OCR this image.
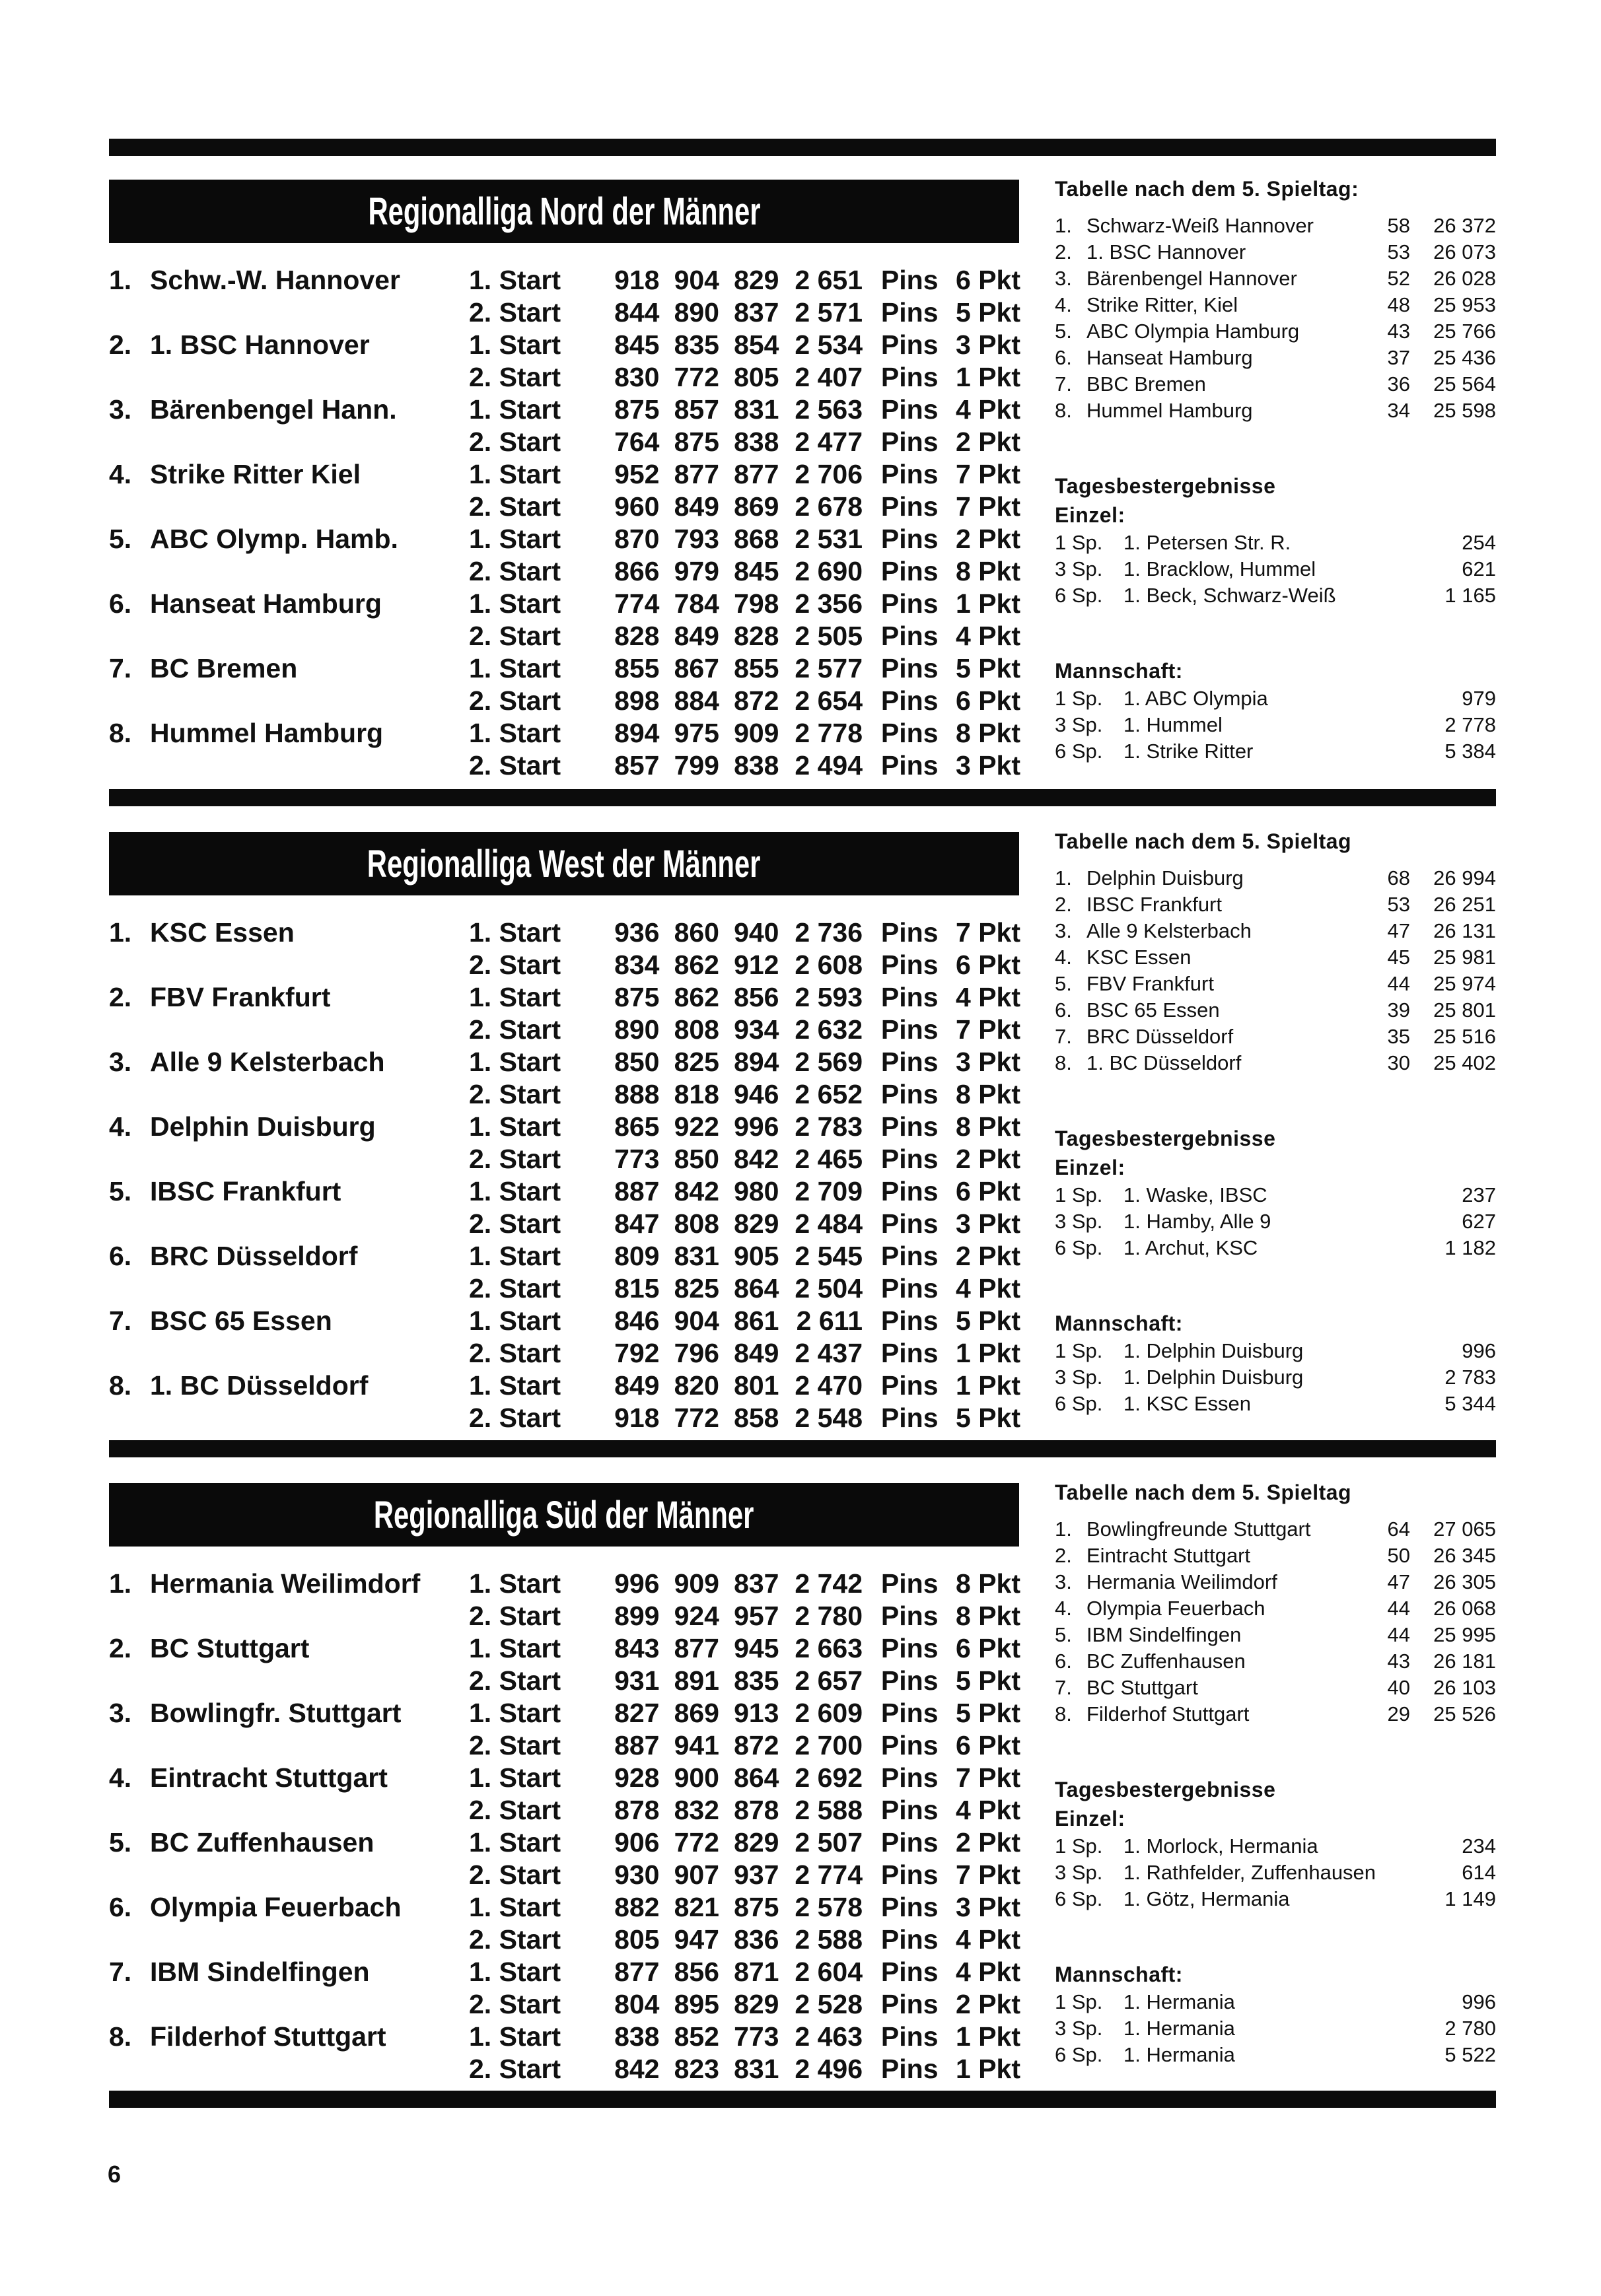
Regionalliga Nord der Männer
1. Schw.-W. Hannover	1. Start	918 904 829 2 651 Pins 6 Pkt
2. Start	844 890 837 2 571 Pins 5 Pkt
2. 1. BSC Hannover	1. Start	845 835 854 2 534 Pins 3 Pkt
2. Start	830 772 805 2 407 Pins 1 Pkt
3. Bärenbengel Hann.	1. Start	875 857 831 2 563 Pins 4 Pkt
2. Start	764 875 838 2 477 Pins 2 Pkt
4. Strike Ritter Kiel	1. Start	952 877 877 2 706 Pins 7 Pkt
2. Start	960 849 869 2 678 Pins 7 Pkt
5. ABC Olymp. Hamb.	1. Start	870 793 868 2 531 Pins 2 Pkt
2. Start	866 979 845 2 690 Pins 8 Pkt
6. Hanseat Hamburg	1. Start	774 784 798 2 356 Pins 1 Pkt
2. Start	828 849 828 2 505 Pins 4 Pkt
7. BC Bremen	1. Start	855 867 855 2 577 Pins 5 Pkt
2. Start	898 884 872 2 654 Pins 6 Pkt
8. Hummel Hamburg	1. Start	894 975 909 2 778 Pins 8 Pkt
2. Start	857 799 838 2 494 Pins 3 Pkt
Tabelle nach dem 5. Spieltag:
1. Schwarz-Weiß Hannover	58	26 372
2. 1. BSC Hannover	53	26 073
3. Bärenbengel Hannover	52	26 028
4. Strike Ritter, Kiel	48	25 953
5. ABC Olympia Hamburg	43	25 766
6. Hanseat Hamburg	37	25 436
7. BBC Bremen	36	25 564
8. Hummel Hamburg	34	25 598
Tagesbestergebnisse
Einzel:
1 Sp.	1. Petersen Str. R.	254
3 Sp.	1. Bracklow, Hummel	621
6 Sp.	1. Beck, Schwarz-Weiß	1 165
Mannschaft:
1 Sp.	1. ABC Olympia	979
3 Sp.	1. Hummel	2 778
6 Sp.	1. Strike Ritter	5 384
Regionalliga West der Männer
1. KSC Essen	1. Start	936 860 940 2 736 Pins 7 Pkt
2. Start	834 862 912 2 608 Pins 6 Pkt
2. FBV Frankfurt	1. Start	875 862 856 2 593 Pins 4 Pkt
2. Start	890 808 934 2 632 Pins 7 Pkt
3. Alle 9 Kelsterbach	1. Start	850 825 894 2 569 Pins 3 Pkt
2. Start	888 818 946 2 652 Pins 8 Pkt
4. Delphin Duisburg	1. Start	865 922 996 2 783 Pins 8 Pkt
2. Start	773 850 842 2 465 Pins 2 Pkt
5. IBSC Frankfurt	1. Start	887 842 980 2 709 Pins 6 Pkt
2. Start	847 808 829 2 484 Pins 3 Pkt
6. BRC Düsseldorf	1. Start	809 831 905 2 545 Pins 2 Pkt
2. Start	815 825 864 2 504 Pins 4 Pkt
7. BSC 65 Essen	1. Start	846 904 861 2 611 Pins 5 Pkt
2. Start	792 796 849 2 437 Pins 1 Pkt
8. 1. BC Düsseldorf	1. Start	849 820 801 2 470 Pins 1 Pkt
2. Start	918 772 858 2 548 Pins 5 Pkt
Tabelle nach dem 5. Spieltag
1. Delphin Duisburg	68	26 994
2. IBSC Frankfurt	53	26 251
3. Alle 9 Kelsterbach	47	26 131
4. KSC Essen	45	25 981
5. FBV Frankfurt	44	25 974
6. BSC 65 Essen	39	25 801
7. BRC Düsseldorf	35	25 516
8. 1. BC Düsseldorf	30	25 402
Tagesbestergebnisse
Einzel:
1 Sp.	1. Waske, IBSC	237
3 Sp.	1. Hamby, Alle 9	627
6 Sp.	1. Archut, KSC	1 182
Mannschaft:
1 Sp.	1. Delphin Duisburg	996
3 Sp.	1. Delphin Duisburg	2 783
6 Sp.	1. KSC Essen	5 344
Regionalliga Süd der Männer
1. Hermania Weilimdorf 1. Start	996 909 837 2 742 Pins 8 Pkt
2. Start	899 924 957 2 780 Pins 8 Pkt
2. BC Stuttgart	1. Start	843 877 945 2 663 Pins 6 Pkt
2. Start	931 891 835 2 657 Pins 5 Pkt
3. Bowlingfr. Stuttgart	1. Start	827 869 913 2 609 Pins 5 Pkt
2. Start	887 941 872 2 700 Pins 6 Pkt
4. Eintracht Stuttgart	1. Start	928 900 864 2 692 Pins 7 Pkt
2. Start	878 832 878 2 588 Pins 4 Pkt
5. BC Zuffenhausen	1. Start	906 772 829 2 507 Pins 2 Pkt
2. Start	930 907 937 2 774 Pins 7 Pkt
6. Olympia Feuerbach 1. Start	882 821 875 2 578 Pins 3 Pkt
2. Start	805 947 836 2 588 Pins 4 Pkt
7. IBM Sindelfingen	1. Start	877 856 871 2 604 Pins 4 Pkt
2. Start	804 895 829 2 528 Pins 2 Pkt
8. Filderhof Stuttgart	1. Start	838 852 773 2 463 Pins 1 Pkt
2. Start	842 823 831 2 496 Pins 1 Pkt
Tabelle nach dem 5. Spieltag
1. Bowlingfreunde Stuttgart	64	27 065
2. Eintracht Stuttgart	50	26 345
3. Hermania Weilimdorf	47	26 305
4. Olympia Feuerbach	44	26 068
5. IBM Sindelfingen	44	25 995
6. BC Zuffenhausen	43	26 181
7. BC Stuttgart	40	26 103
8. Filderhof Stuttgart	29	25 526
Tagesbestergebnisse
Einzel:
1 Sp.	1. Morlock, Hermania	234
3 Sp.	1. Rathfelder, Zuffenhausen	614
6 Sp.	1. Götz, Hermania	1 149
Mannschaft:
1 Sp.	1. Hermania	996
3 Sp.	1. Hermania	2 780
6 Sp.	1. Hermania	5 522
6
